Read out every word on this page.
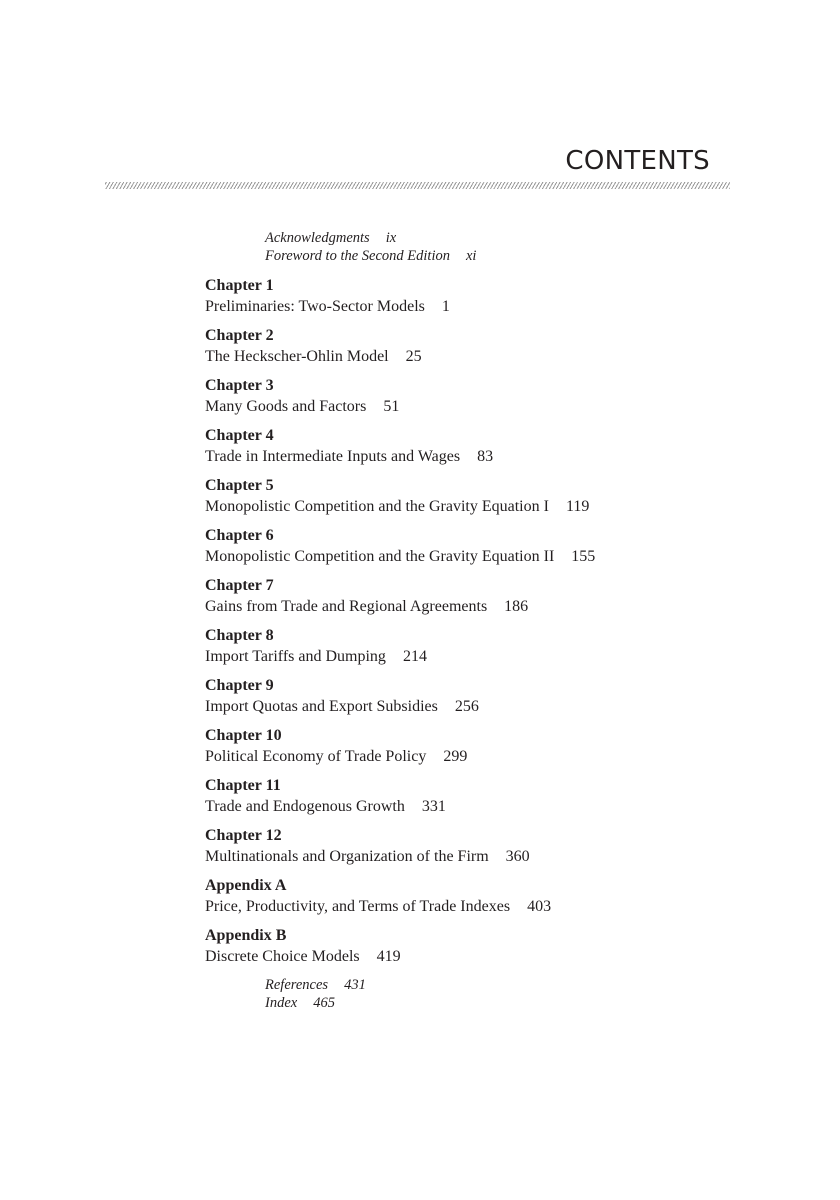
CONTENTS
Acknowledgments ix
Foreword to the Second Edition xi
Chapter 1
Preliminaries: Two-Sector Models 1
Chapter 2
The Heckscher-Ohlin Model 25
Chapter 3
Many Goods and Factors 51
Chapter 4
Trade in Intermediate Inputs and Wages 83
Chapter 5
Monopolistic Competition and the Gravity Equation I 119
Chapter 6
Monopolistic Competition and the Gravity Equation II 155
Chapter 7
Gains from Trade and Regional Agreements 186
Chapter 8
Import Tariffs and Dumping 214
Chapter 9
Import Quotas and Export Subsidies 256
Chapter 10
Political Economy of Trade Policy 299
Chapter 11
Trade and Endogenous Growth 331
Chapter 12
Multinationals and Organization of the Firm 360
Appendix A
Price, Productivity, and Terms of Trade Indexes 403
Appendix B
Discrete Choice Models 419
References 431
Index 465
